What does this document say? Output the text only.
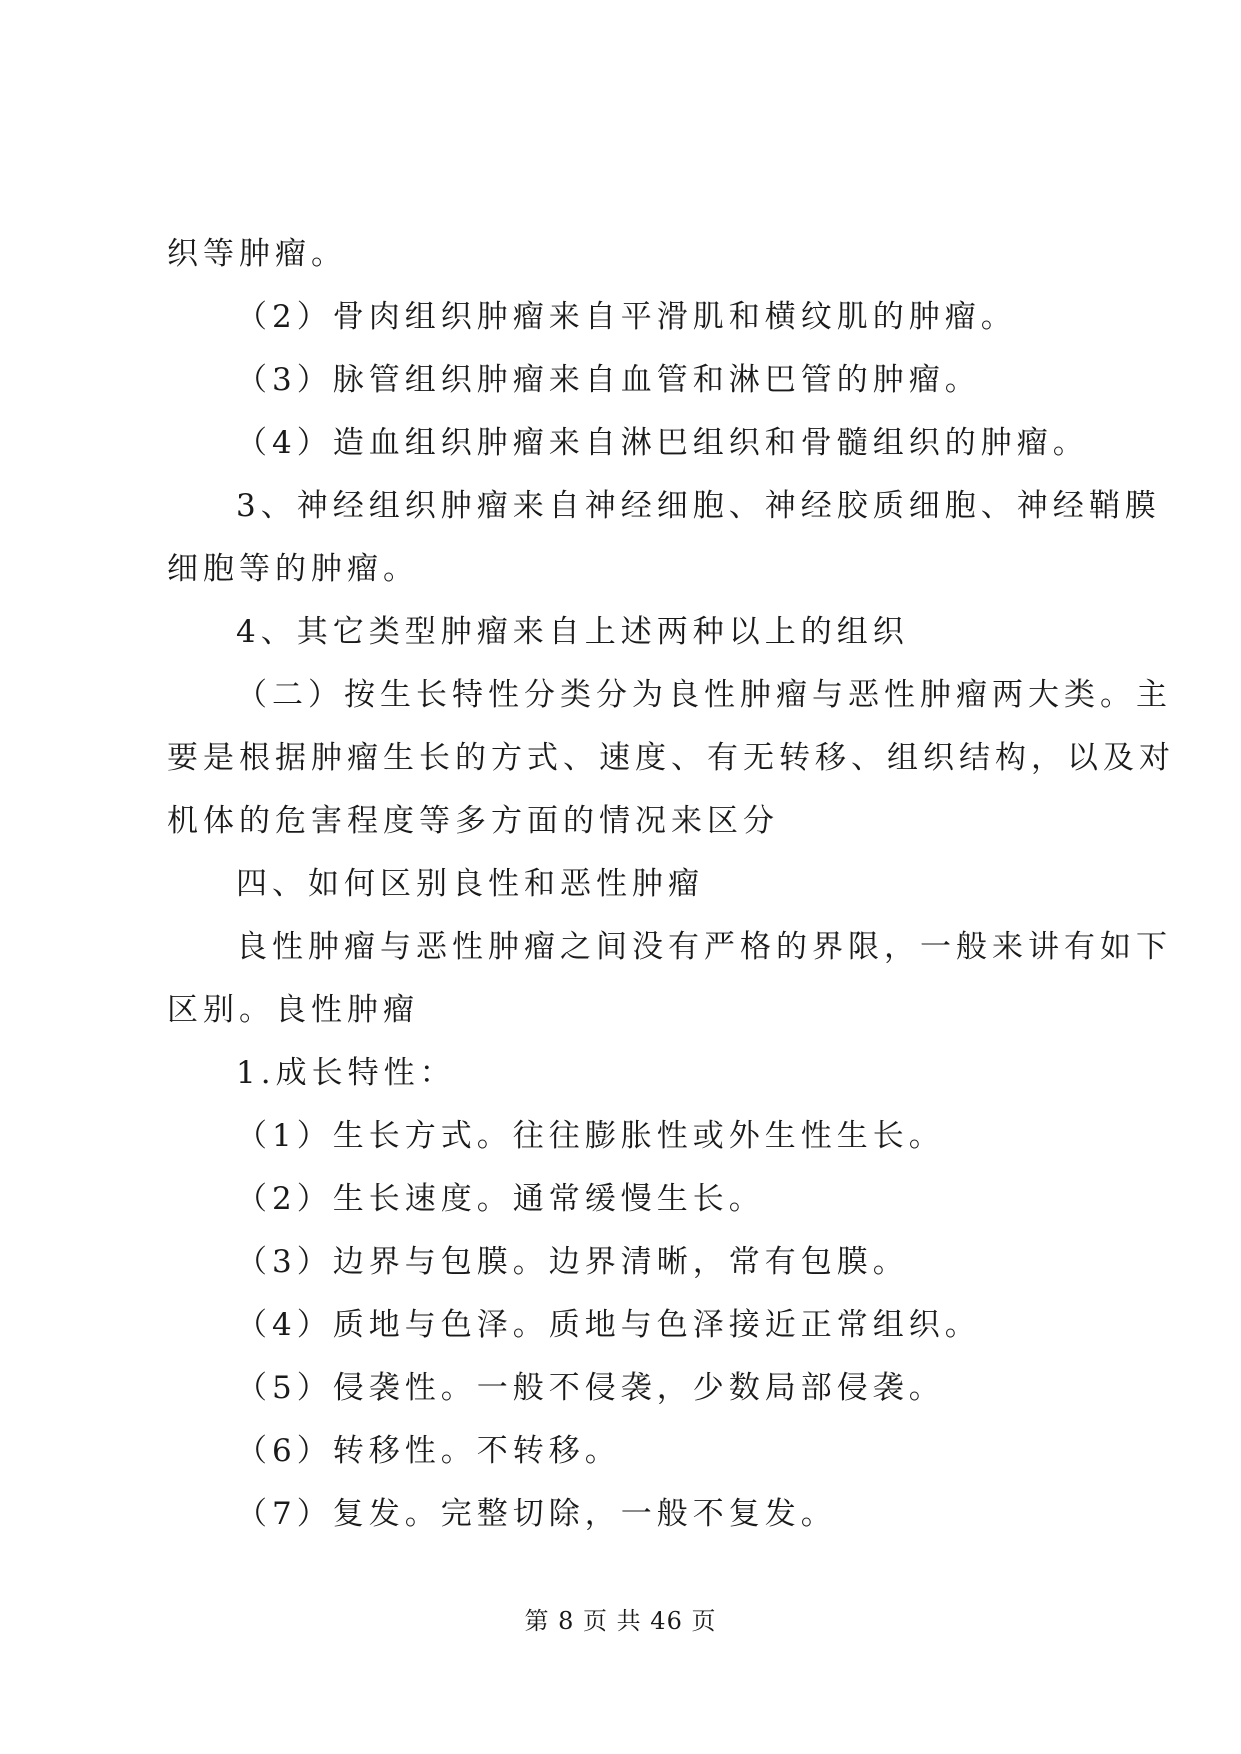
织等肿瘤。
（2）骨肉组织肿瘤来自平滑肌和横纹肌的肿瘤。
（3）脉管组织肿瘤来自血管和淋巴管的肿瘤。
（4）造血组织肿瘤来自淋巴组织和骨髓组织的肿瘤。
3、神经组织肿瘤来自神经细胞、神经胶质细胞、神经鞘膜
细胞等的肿瘤。
4、其它类型肿瘤来自上述两种以上的组织
（二）按生长特性分类分为良性肿瘤与恶性肿瘤两大类。主
要是根据肿瘤生长的方式、速度、有无转移、组织结构，以及对
机体的危害程度等多方面的情况来区分
四、如何区别良性和恶性肿瘤
良性肿瘤与恶性肿瘤之间没有严格的界限，一般来讲有如下
区别。良性肿瘤
1.成长特性：
（1）生长方式。往往膨胀性或外生性生长。
（2）生长速度。通常缓慢生长。
（3）边界与包膜。边界清晰，常有包膜。
（4）质地与色泽。质地与色泽接近正常组织。
（5）侵袭性。一般不侵袭，少数局部侵袭。
（6）转移性。不转移。
（7）复发。完整切除，一般不复发。
第 8 页 共 46 页
